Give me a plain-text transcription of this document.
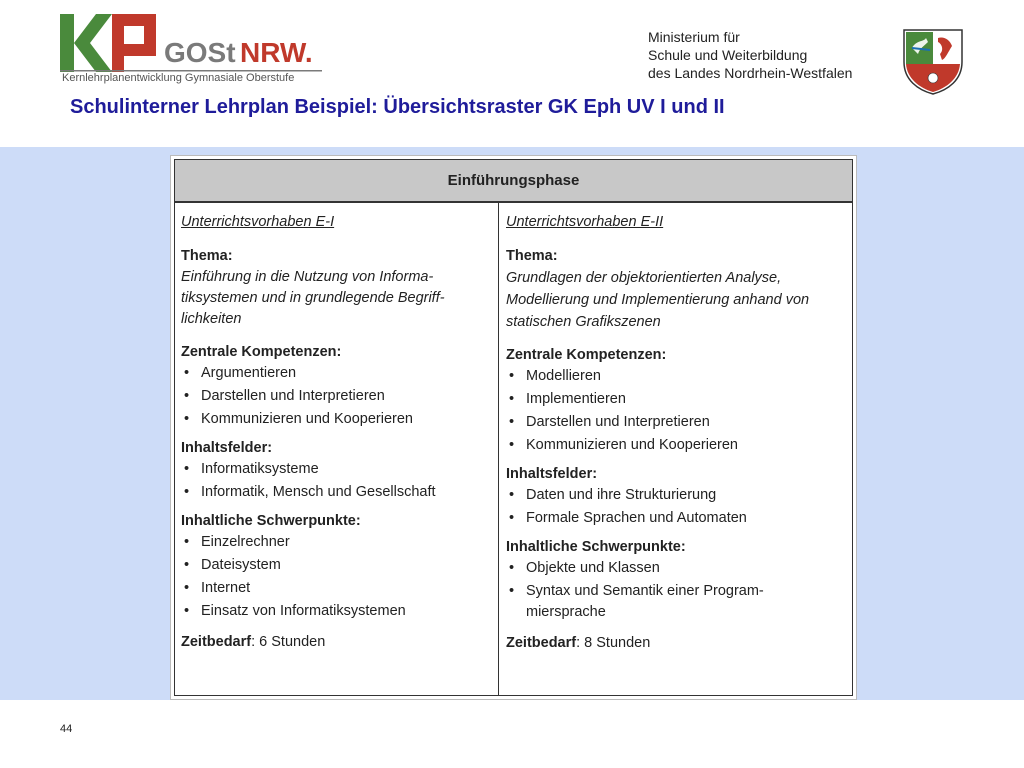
GOSt NRW.
Kernlehrplanentwicklung Gymnasiale Oberstufe
Ministerium für
Schule und Weiterbildung
des Landes Nordrhein-Westfalen
Schulinterner Lehrplan Beispiel: Übersichtsraster GK Eph UV I und II
Einführungsphase
Unterrichtsvorhaben E-I
Thema:
Einführung in die Nutzung von Informa-tiksystemen und in grundlegende Begriff-lichkeiten
Zentrale Kompetenzen:
• Argumentieren
• Darstellen und Interpretieren
• Kommunizieren und Kooperieren
Inhaltsfelder:
• Informatiksysteme
• Informatik, Mensch und Gesellschaft
Inhaltliche Schwerpunkte:
• Einzelrechner
• Dateisystem
• Internet
• Einsatz von Informatiksystemen
Zeitbedarf: 6 Stunden
Unterrichtsvorhaben E-II
Thema:
Grundlagen der objektorientierten Analyse, Modellierung und Implementierung anhand von statischen Grafikszenen
Zentrale Kompetenzen:
• Modellieren
• Implementieren
• Darstellen und Interpretieren
• Kommunizieren und Kooperieren
Inhaltsfelder:
• Daten und ihre Strukturierung
• Formale Sprachen und Automaten
Inhaltliche Schwerpunkte:
• Objekte und Klassen
• Syntax und Semantik einer Program-miersprache
Zeitbedarf: 8 Stunden
44
